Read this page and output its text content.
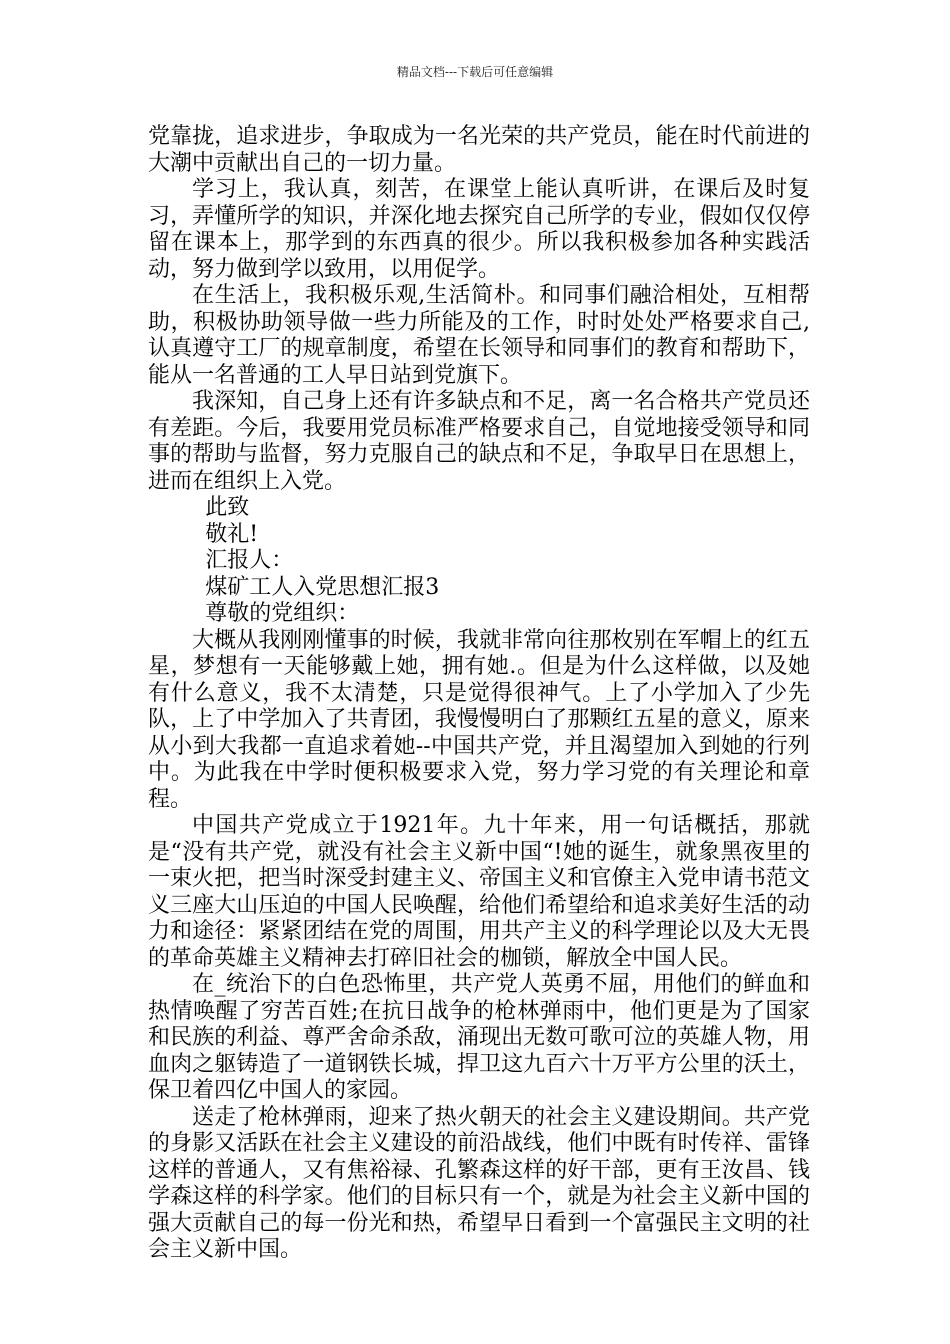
精品文档---下载后可任意编辑

党靠拢，追求进步，争取成为一名光荣的共产党员，能在时代前进的大潮中贡献出自己的一切力量。

学习上，我认真，刻苦，在课堂上能认真听讲，在课后及时复习，弄懂所学的知识，并深化地去探究自己所学的专业，假如仅仅停留在课本上，那学到的东西真的很少。所以我积极参加各种实践活动，努力做到学以致用，以用促学。

在生活上，我积极乐观,生活简朴。和同事们融洽相处，互相帮助，积极协助领导做一些力所能及的工作，时时处处严格要求自己,认真遵守工厂的规章制度，希望在长领导和同事们的教育和帮助下，能从一名普通的工人早日站到党旗下。

我深知，自己身上还有许多缺点和不足，离一名合格共产党员还有差距。今后，我要用党员标准严格要求自己，自觉地接受领导和同事的帮助与监督，努力克服自己的缺点和不足，争取早日在思想上，进而在组织上入党。

此致

敬礼!

汇报人：

煤矿工人入党思想汇报3

尊敬的党组织：

大概从我刚刚懂事的时候，我就非常向往那枚别在军帽上的红五星，梦想有一天能够戴上她，拥有她.。但是为什么这样做，以及她有什么意义，我不太清楚，只是觉得很神气。上了小学加入了少先队，上了中学加入了共青团，我慢慢明白了那颗红五星的意义，原来从小到大我都一直追求着她--中国共产党，并且渴望加入到她的行列中。为此我在中学时便积极要求入党，努力学习党的有关理论和章程。

中国共产党成立于1921年。九十年来，用一句话概括，那就是“没有共产党，就没有社会主义新中国“!她的诞生，就象黑夜里的一束火把，把当时深受封建主义、帝国主义和官僚主入党申请书范文义三座大山压迫的中国人民唤醒，给他们希望给和追求美好生活的动力和途径：紧紧团结在党的周围，用共产主义的科学理论以及大无畏的革命英雄主义精神去打碎旧社会的枷锁，解放全中国人民。

在_统治下的白色恐怖里，共产党人英勇不屈，用他们的鲜血和热情唤醒了穷苦百姓;在抗日战争的枪林弹雨中，他们更是为了国家和民族的利益、尊严舍命杀敌，涌现出无数可歌可泣的英雄人物，用血肉之躯铸造了一道钢铁长城，捍卫这九百六十万平方公里的沃土，保卫着四亿中国人的家园。

送走了枪林弹雨，迎来了热火朝天的社会主义建设期间。共产党的身影又活跃在社会主义建设的前沿战线，他们中既有时传祥、雷锋这样的普通人，又有焦裕禄、孔繁森这样的好干部，更有王汝昌、钱学森这样的科学家。他们的目标只有一个，就是为社会主义新中国的强大贡献自己的每一份光和热，希望早日看到一个富强民主文明的社会主义新中国。
